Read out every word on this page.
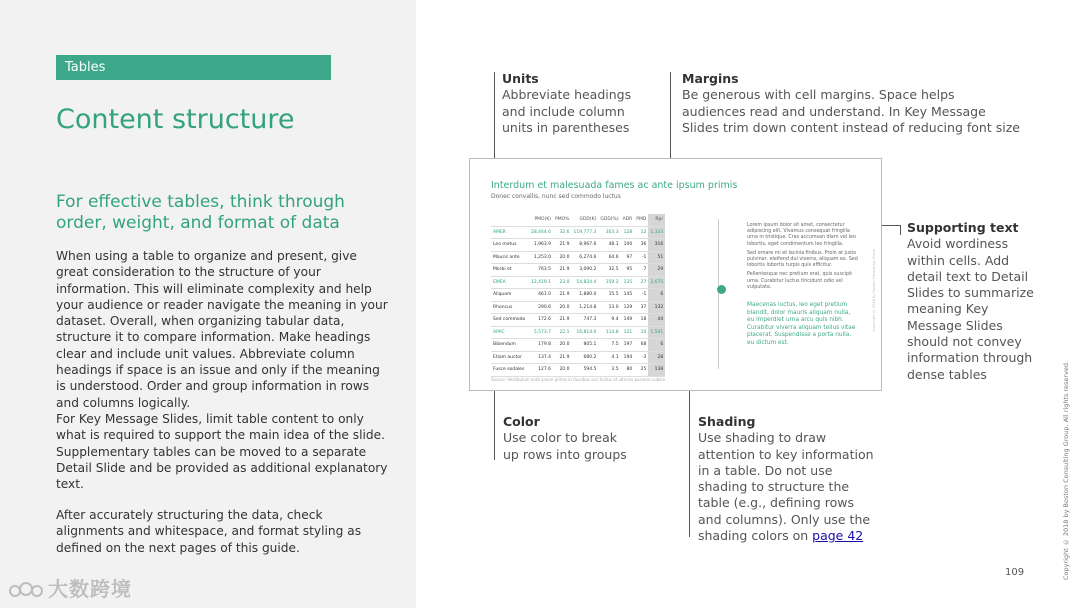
Tables
Content structure
For effective tables, think through order, weight, and format of data
When using a table to organize and present, give great consideration to the structure of your information. This will eliminate complexity and help your audience or reader navigate the meaning in your dataset. Overall, when organizing tabular data, structure it to compare information. Make headings clear and include unit values. Abbreviate column headings if space is an issue and only if the meaning is understood. Order and group information in rows and columns logically.
For Key Message Slides, limit table content to only what is required to support the main idea of the slide. Supplementary tables can be moved to a separate Detail Slide and be provided as additional explanatory text.
After accurately structuring the data, check alignments and whitespace, and format styling as defined on the next pages of this guide.
大数跨境
Units
Abbreviate headings and include column units in parentheses
Margins
Be generous with cell margins. Space helps audiences read and understand. In Key Message Slides trim down content instead of reducing font size
Supporting text
Avoid wordiness within cells. Add detail text to Detail Slides to summarize meaning Key Message Slides should not convey information through dense tables
Color
Use color to break up rows into groups
Shading
Use shading to draw attention to key information in a table. Do not use shading to structure the table (e.g., defining rows and columns). Only use the shading colors on page 42
Interdum et malesuada fames ac ante ipsum primis
Donec convallis, nunc sed commodo luctus
	PMO(K)	PMO%	GDD(K)	GDD(%)	ADR	PMD	Rpr
AMER	28,444.6	32.6	119,777.3	303.3	128	12	1,333
Leo metus	1,963.9	21.9	8,967.6	48.1	100	36	316
Mauris ante	1,253.0	20.0	6,274.6	64.6	97	-1	51
Morbi et	763.5	21.9	3,090.2	32.5	95	7	29
EMEA	12,419.1	23.0	54,834.4	359.2	135	27	2,675
Aliquam	461.0	21.9	1,880.0	15.5	145	-1	6
Rhoncus	290.6	20.0	1,214.8	13.0	129	37	132
Sed commodo	172.6	21.9	747.3	9.4	149	18	44
APAC	5,573.7	22.1	16,814.0	114.8	121	10	1,541
Bibendum	179.8	20.0	805.1	7.5	197	68	6
Etiam auctor	137.4	21.9	680.2	4.1	194	-3	28
Fusce sodales	127.6	20.0	594.5	3.5	80	25	138
Source: Vestibulum ante ipsum primis in faucibus orci luctus et ultrices posuere cubilia

Lorem ipsum dolor sit amet, consectetur adipiscing elit. Vivamus consequat fringilla urna in tristique. Cras accumsan diam vel leo lobortis, eget condimentum leo fringilla.

Sed ornare mi et lacinia finibus. Proin at justo pulvinar, eleifend dui viverra, aliquam ex. Sed lobortis lobortis turpis quis efficitur.

Pellentesque nec pretium erat, quis suscipit urna. Curabitur luctus tincidunt odio vel vulputate.

Maecenas luctus, leo eget pretium blandit, dolor mauris aliquam nulla, eu imperdiet urna arcu quis nibh. Curabitur viverra aliquam tellus vitae placerat. Suspendisse a porta nulla, eu dictum est.
Copyright © 2018 by Boston Consulting Group
109	Copyright © 2018 by Boston Consulting Group. All rights reserved.
